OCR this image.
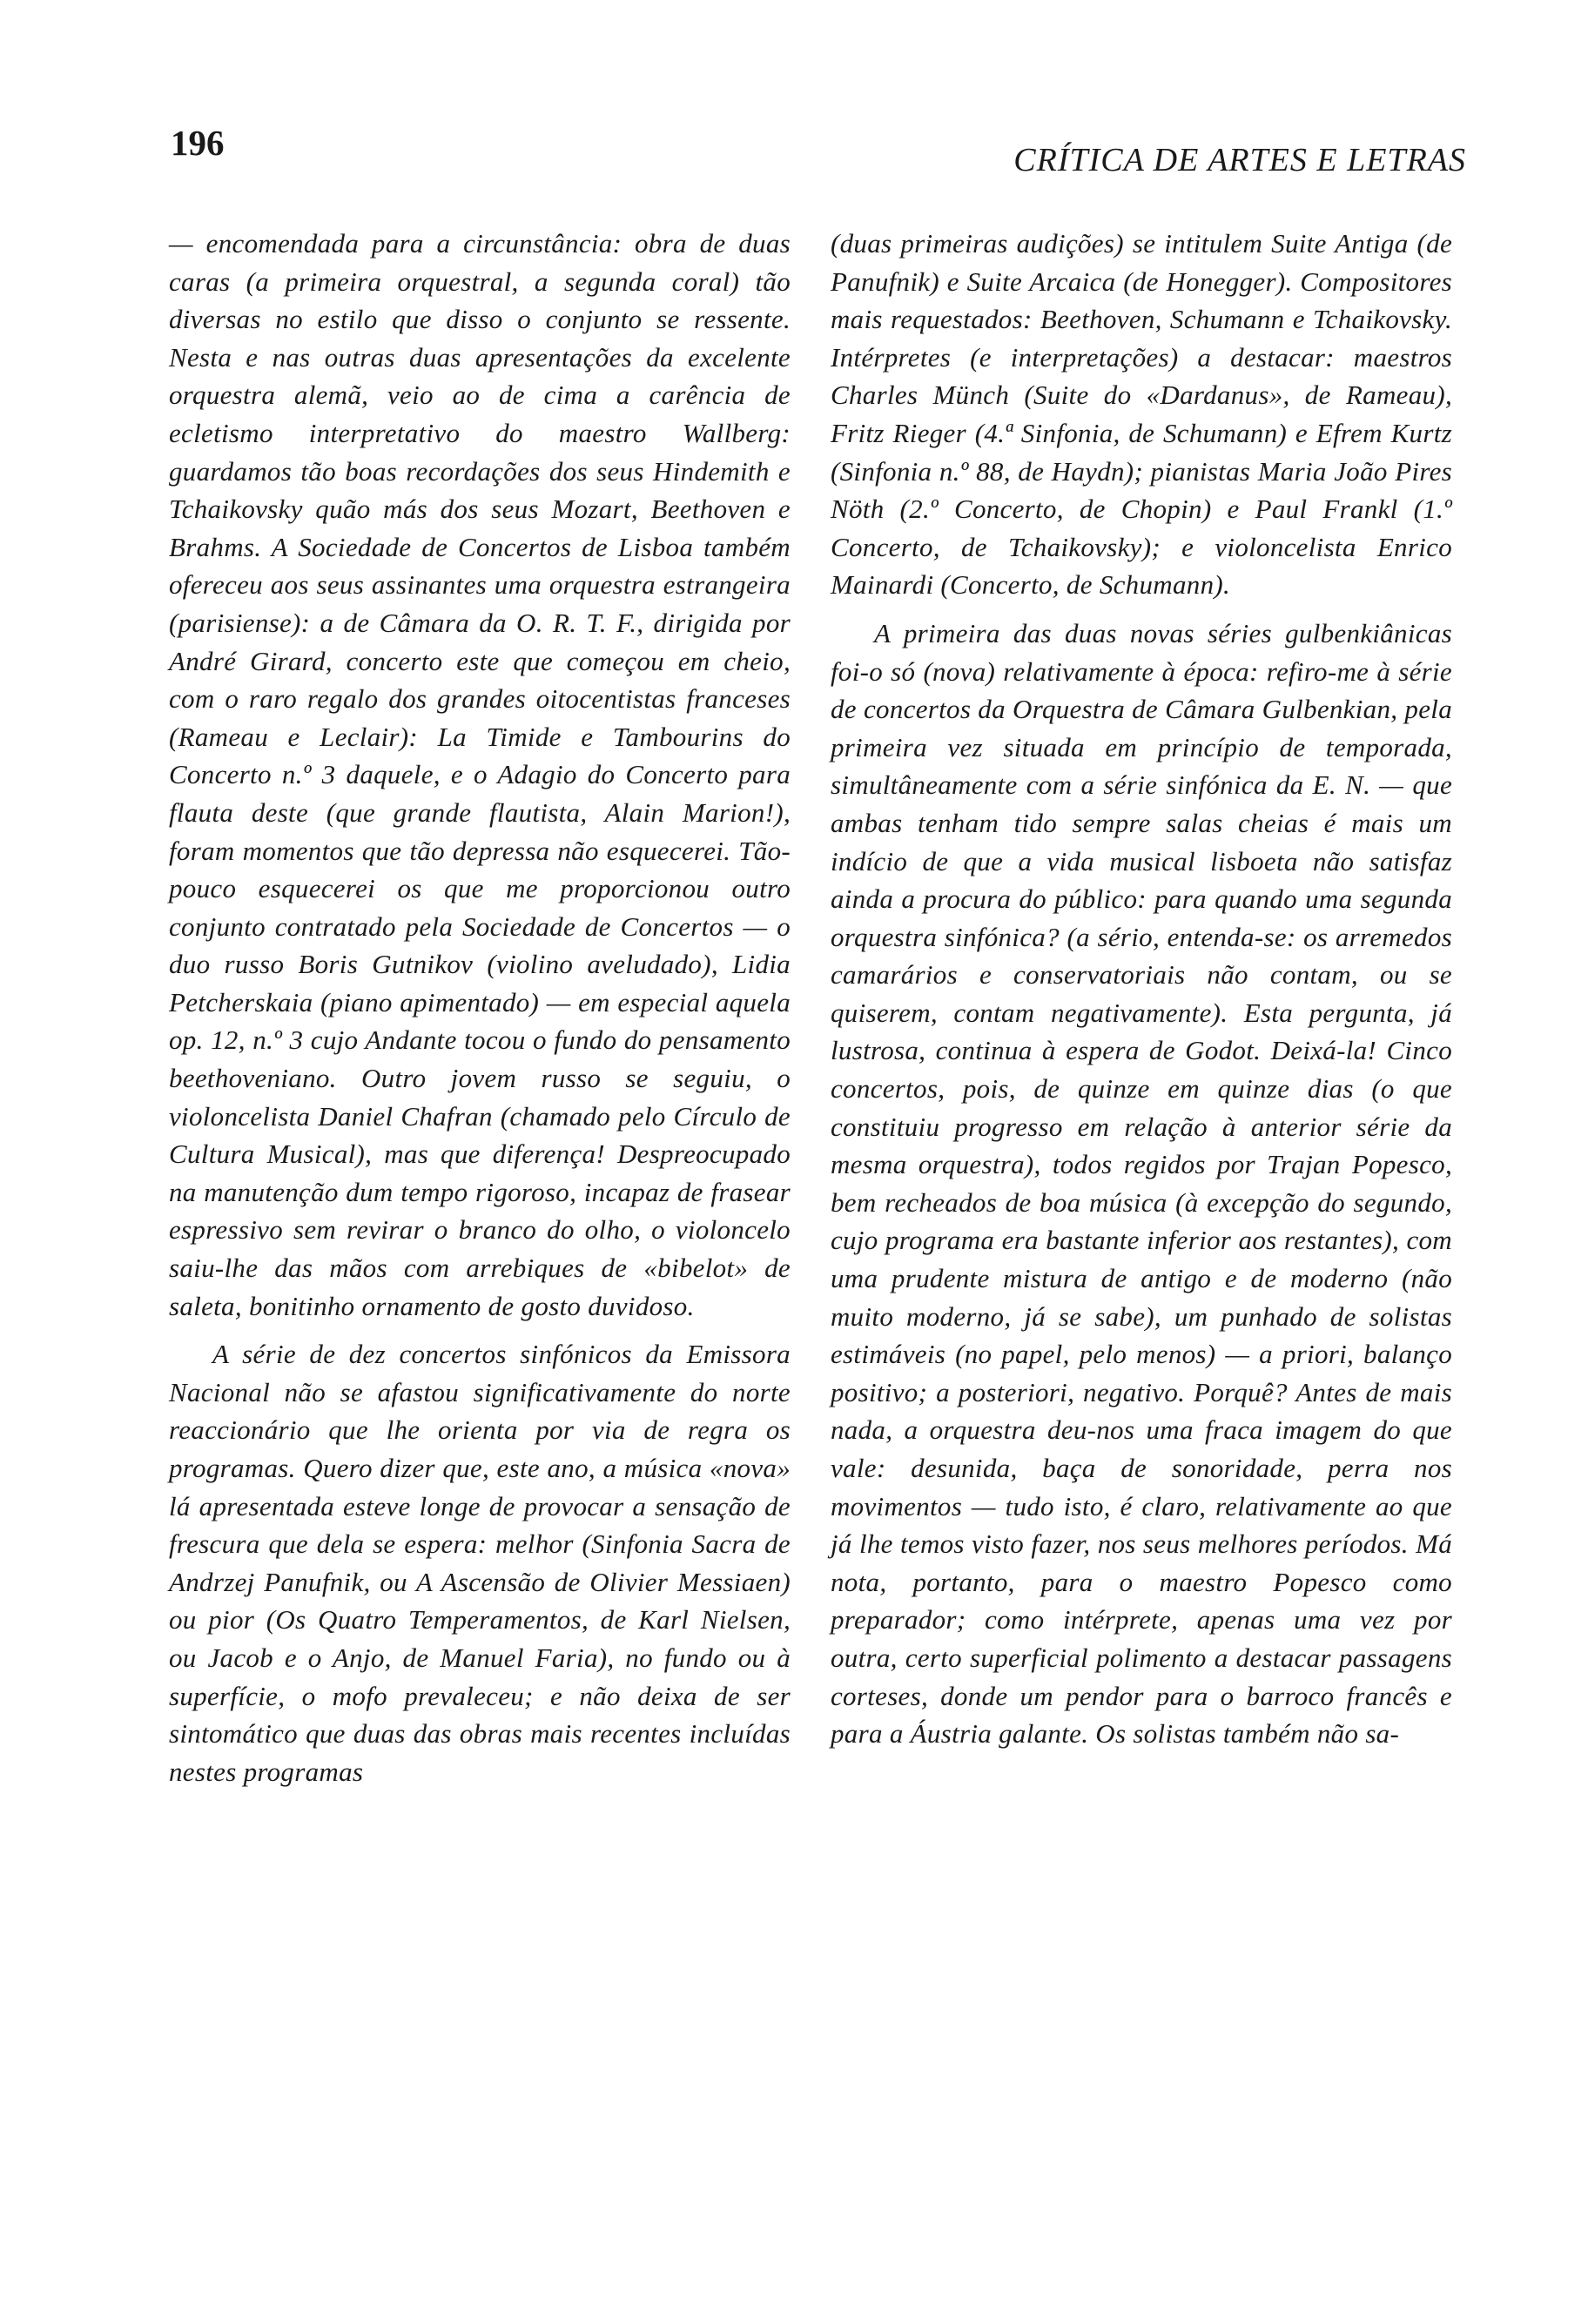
196	CRÍTICA DE ARTES E LETRAS

— encomendada para a circunstância: obra de duas caras (a primeira orquestral, a segunda coral) tão diversas no estilo que disso o conjunto se ressente. Nesta e nas outras duas apresentações da excelente orquestra alemã, veio ao de cima a carência de ecletismo interpretativo do maestro Wallberg: guardamos tão boas recordações dos seus Hindemith e Tchaikovsky quão más dos seus Mozart, Beethoven e Brahms. A Sociedade de Concertos de Lisboa também ofereceu aos seus assinantes uma orquestra estrangeira (parisiense): a de Câmara da O. R. T. F., dirigida por André Girard, concerto este que começou em cheio, com o raro regalo dos grandes oitocentistas franceses (Rameau e Leclair): La Timide e Tambourins do Concerto n.º 3 daquele, e o Adagio do Concerto para flauta deste (que grande flautista, Alain Marion!), foram momentos que tão depressa não esquecerei. Tão-pouco esquecerei os que me proporcionou outro conjunto contratado pela Sociedade de Concertos — o duo russo Boris Gutnikov (violino aveludado), Lidia Petcherskaia (piano apimentado) — em especial aquela op. 12, n.º 3 cujo Andante tocou o fundo do pensamento beethoveniano. Outro jovem russo se seguiu, o violoncelista Daniel Chafran (chamado pelo Círculo de Cultura Musical), mas que diferença! Despreocupado na manutenção dum tempo rigoroso, incapaz de frasear espressivo sem revirar o branco do olho, o violoncelo saiu-lhe das mãos com arrebiques de «bibelot» de saleta, bonitinho ornamento de gosto duvidoso.

A série de dez concertos sinfónicos da Emissora Nacional não se afastou significativamente do norte reaccionário que lhe orienta por via de regra os programas. Quero dizer que, este ano, a música «nova» lá apresentada esteve longe de provocar a sensação de frescura que dela se espera: melhor (Sinfonia Sacra de Andrzej Panufnik, ou A Ascensão de Olivier Messiaen) ou pior (Os Quatro Temperamentos, de Karl Nielsen, ou Jacob e o Anjo, de Manuel Faria), no fundo ou à superfície, o mofo prevaleceu; e não deixa de ser sintomático que duas das obras mais recentes incluídas nestes programas

(duas primeiras audições) se intitulem Suite Antiga (de Panufnik) e Suite Arcaica (de Honegger). Compositores mais requestados: Beethoven, Schumann e Tchaikovsky. Intérpretes (e interpretações) a destacar: maestros Charles Münch (Suite do «Dardanus», de Rameau), Fritz Rieger (4.ª Sinfonia, de Schumann) e Efrem Kurtz (Sinfonia n.º 88, de Haydn); pianistas Maria João Pires Nöth (2.º Concerto, de Chopin) e Paul Frankl (1.º Concerto, de Tchaikovsky); e violoncelista Enrico Mainardi (Concerto, de Schumann).

A primeira das duas novas séries gulbenkiânicas foi-o só (nova) relativamente à época: refiro-me à série de concertos da Orquestra de Câmara Gulbenkian, pela primeira vez situada em princípio de temporada, simultâneamente com a série sinfónica da E. N. — que ambas tenham tido sempre salas cheias é mais um indício de que a vida musical lisboeta não satisfaz ainda a procura do público: para quando uma segunda orquestra sinfónica? (a sério, entenda-se: os arremedos camarários e conservatoriais não contam, ou se quiserem, contam negativamente). Esta pergunta, já lustrosa, continua à espera de Godot. Deixá-la! Cinco concertos, pois, de quinze em quinze dias (o que constituiu progresso em relação à anterior série da mesma orquestra), todos regidos por Trajan Popesco, bem recheados de boa música (à excepção do segundo, cujo programa era bastante inferior aos restantes), com uma prudente mistura de antigo e de moderno (não muito moderno, já se sabe), um punhado de solistas estimáveis (no papel, pelo menos) — a priori, balanço positivo; a posteriori, negativo. Porquê? Antes de mais nada, a orquestra deu-nos uma fraca imagem do que vale: desunida, baça de sonoridade, perra nos movimentos — tudo isto, é claro, relativamente ao que já lhe temos visto fazer, nos seus melhores períodos. Má nota, portanto, para o maestro Popesco como preparador; como intérprete, apenas uma vez por outra, certo superficial polimento a destacar passagens corteses, donde um pendor para o barroco francês e para a Áustria galante. Os solistas também não sa-
